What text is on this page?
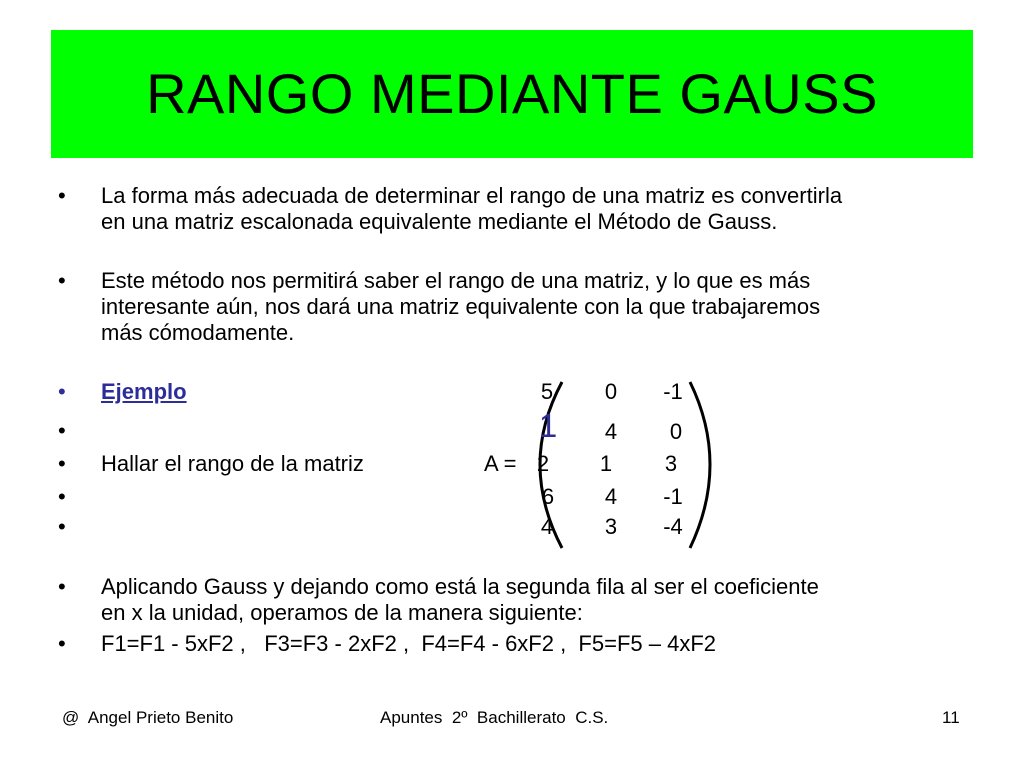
RANGO MEDIANTE GAUSS
• La forma más adecuada de determinar el rango de una matriz es convertirla
en una matriz escalonada equivalente mediante el Método de Gauss.
• Este método nos permitirá saber el rango de una matriz, y lo que es más
interesante aún, nos dará una matriz equivalente con la que trabajaremos
más cómodamente.
• Ejemplo
•
• Hallar el rango de la matriz
•
•
A =
5	0	-1
1	4	0
2	1	3
6	4	-1
4	3	-4
• Aplicando Gauss y dejando como está la segunda fila al ser el coeficiente
en x la unidad, operamos de la manera siguiente:
• F1=F1 - 5xF2 ,   F3=F3 - 2xF2 ,  F4=F4 - 6xF2 ,  F5=F5 – 4xF2
@  Angel Prieto Benito	Apuntes  2º  Bachillerato  C.S.	11
